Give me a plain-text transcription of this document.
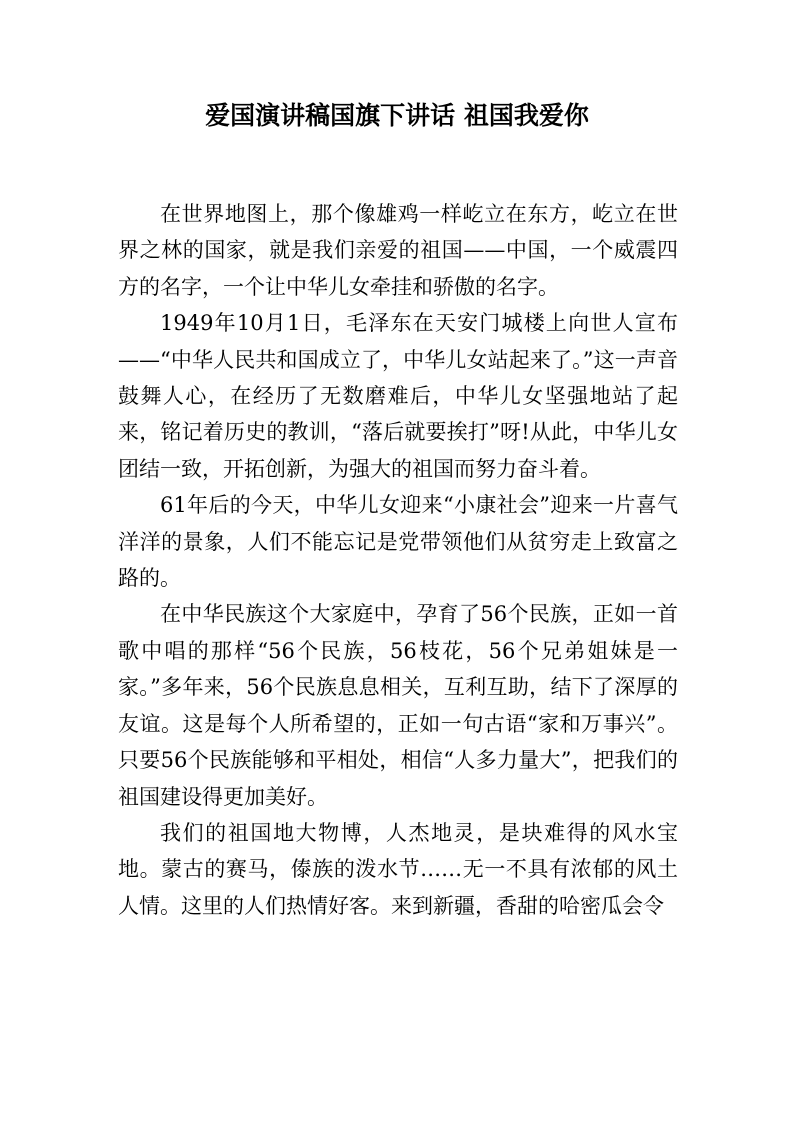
爱国演讲稿国旗下讲话 祖国我爱你

在世界地图上，那个像雄鸡一样屹立在东方，屹立在世界之林的国家，就是我们亲爱的祖国——中国，一个威震四方的名字，一个让中华儿女牵挂和骄傲的名字。

1949年10月1日，毛泽东在天安门城楼上向世人宣布——“中华人民共和国成立了，中华儿女站起来了。”这一声音鼓舞人心，在经历了无数磨难后，中华儿女坚强地站了起来，铭记着历史的教训，“落后就要挨打”呀!从此，中华儿女团结一致，开拓创新，为强大的祖国而努力奋斗着。

61年后的今天，中华儿女迎来“小康社会”迎来一片喜气洋洋的景象，人们不能忘记是党带领他们从贫穷走上致富之路的。

在中华民族这个大家庭中，孕育了56个民族，正如一首歌中唱的那样“56个民族，56枝花，56个兄弟姐妹是一家。”多年来，56个民族息息相关，互利互助，结下了深厚的友谊。这是每个人所希望的，正如一句古语“家和万事兴”。只要56个民族能够和平相处，相信“人多力量大”，把我们的祖国建设得更加美好。

我们的祖国地大物博，人杰地灵，是块难得的风水宝地。蒙古的赛马，傣族的泼水节……无一不具有浓郁的风土人情。这里的人们热情好客。来到新疆，香甜的哈密瓜会令
